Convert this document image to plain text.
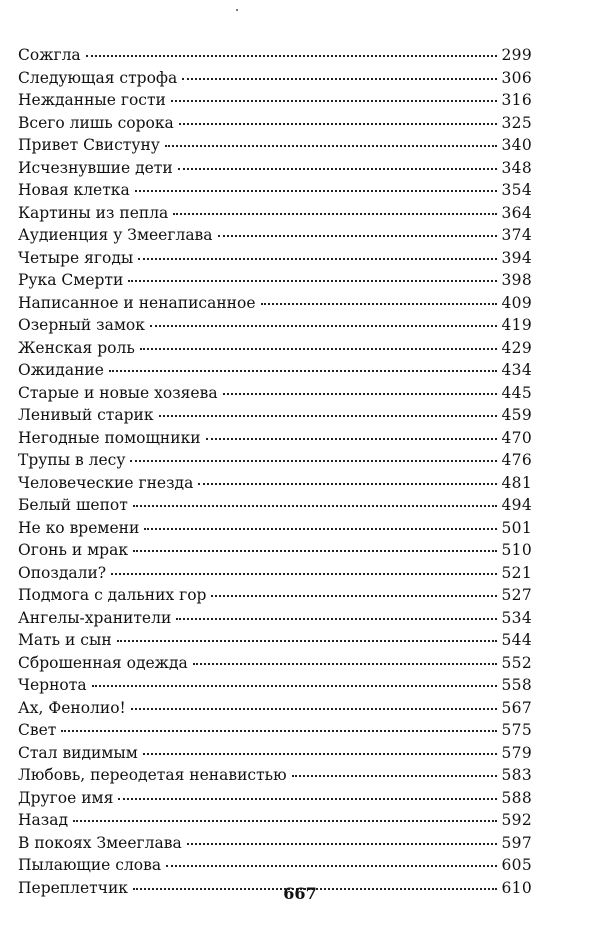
Сожгла	299
Следующая строфа	306
Нежданные гости	316
Всего лишь сорока	325
Привет Свистуну	340
Исчезнувшие дети	348
Новая клетка	354
Картины из пепла	364
Аудиенция у Змееглава	374
Четыре ягоды	394
Рука Смерти	398
Написанное и ненаписанное	409
Озерный замок	419
Женская роль	429
Ожидание	434
Старые и новые хозяева	445
Ленивый старик	459
Негодные помощники	470
Трупы в лесу	476
Человеческие гнезда	481
Белый шепот	494
Не ко времени	501
Огонь и мрак	510
Опоздали?	521
Подмога с дальних гор	527
Ангелы-хранители	534
Мать и сын	544
Сброшенная одежда	552
Чернота	558
Ах, Фенолио!	567
Свет	575
Стал видимым	579
Любовь, переодетая ненавистью	583
Другое имя	588
Назад	592
В покоях Змееглава	597
Пылающие слова	605
Переплетчик	610
667
